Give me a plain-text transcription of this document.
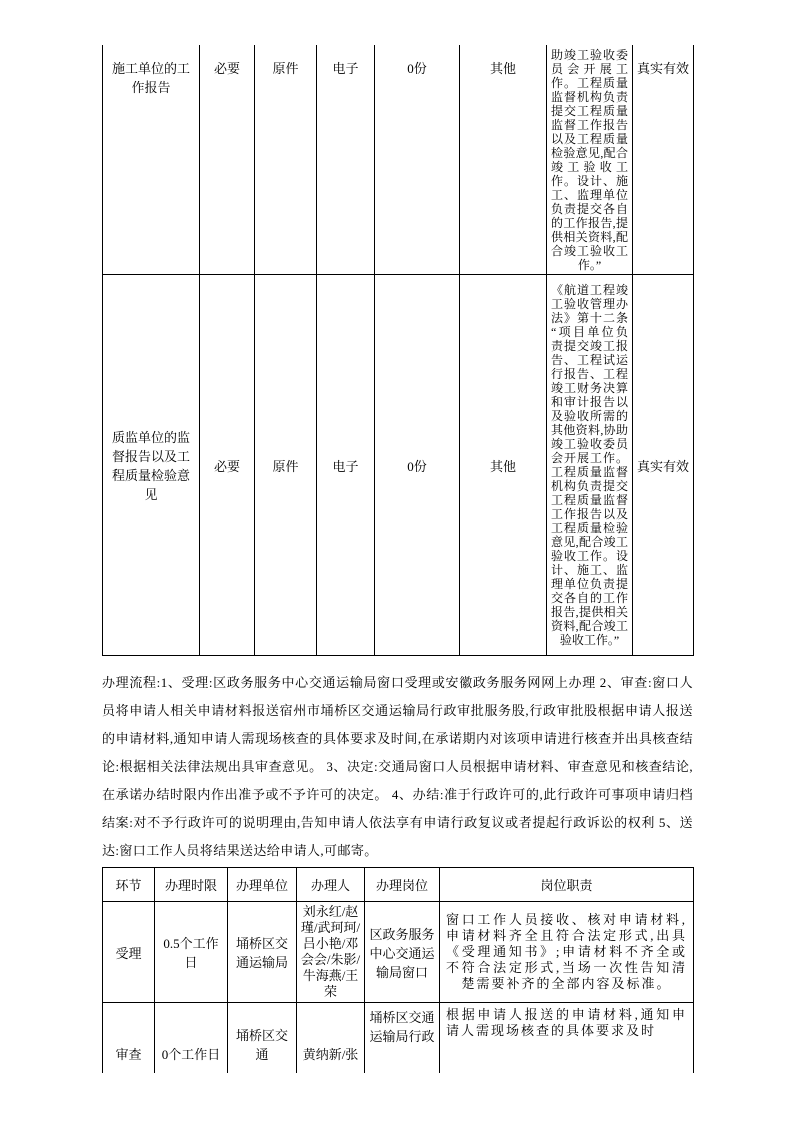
施工单位的工作报告	必要	原件	电子	0份	其他	助竣工验收委员会开展工作。工程质量监督机构负责提交工程质量监督工作报告以及工程质量检验意见,配合竣工验收工作。设计、施工、监理单位负责提交各自的工作报告,提供相关资料,配合竣工验收工作。”	真实有效
质监单位的监督报告以及工程质量检验意见	必要	原件	电子	0份	其他	《航道工程竣工验收管理办法》第十二条 “项目单位负责提交竣工报告、工程试运行报告、工程竣工财务决算和审计报告以及验收所需的其他资料,协助竣工验收委员会开展工作。工程质量监督机构负责提交工程质量监督工作报告以及工程质量检验意见,配合竣工验收工作。设计、施工、监理单位负责提交各自的工作报告,提供相关资料,配合竣工验收工作。”	真实有效
办理流程:1、受理:区政务服务中心交通运输局窗口受理或安徽政务服务网网上办理 2、审查:窗口人员将申请人相关申请材料报送宿州市埇桥区交通运输局行政审批服务股,行政审批股根据申请人报送的申请材料,通知申请人需现场核查的具体要求及时间,在承诺期内对该项申请进行核查并出具核查结论:根据相关法律法规出具审查意见。 3、决定:交通局窗口人员根据申请材料、审查意见和核查结论,在承诺办结时限内作出准予或不予许可的决定。 4、办结:准于行政许可的,此行政许可事项申请归档结案:对不予行政许可的说明理由,告知申请人依法享有申请行政复议或者提起行政诉讼的权利 5、送达:窗口工作人员将结果送达给申请人,可邮寄。
环节	办理时限	办理单位	办理人	办理岗位	岗位职责
受理	0.5个工作日	埇桥区交通运输局	刘永红/赵瑾/武珂珂/吕小艳/邓会会/朱影/牛海燕/王荣	区政务服务中心交通运输局窗口	窗口工作人员接收、核对申请材料,申请材料齐全且符合法定形式,出具《受理通知书》;申请材料不齐全或不符合法定形式,当场一次性告知清楚需要补齐的全部内容及标准。
审查	0个工作日	埇桥区交通	黄纳新/张	埇桥区交通运输局行政	根据申请人报送的申请材料,通知申请人需现场核查的具体要求及时
